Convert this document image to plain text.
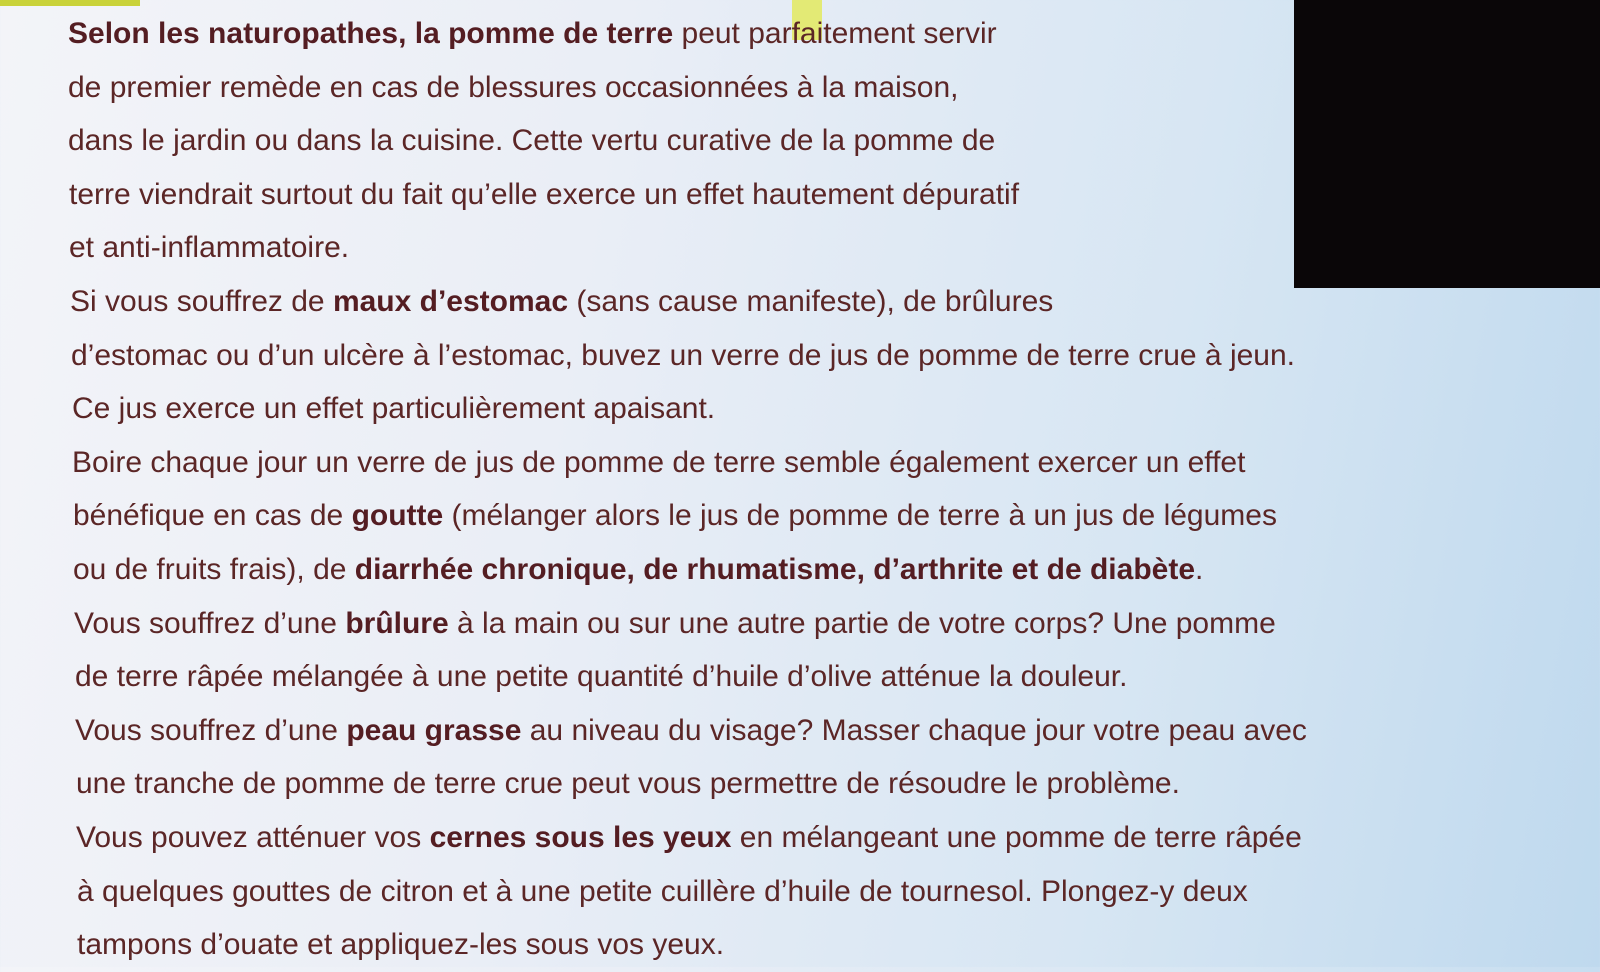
Selon les naturopathes, la pomme de terre peut parfaitement servir
de premier remède en cas de blessures occasionnées à la maison,
dans le jardin ou dans la cuisine. Cette vertu curative de la pomme de
terre viendrait surtout du fait qu’elle exerce un effet hautement dépuratif
et anti-inflammatoire.
Si vous souffrez de maux d’estomac (sans cause manifeste), de brûlures
d’estomac ou d’un ulcère à l’estomac, buvez un verre de jus de pomme de terre crue à jeun.
Ce jus exerce un effet particulièrement apaisant.
Boire chaque jour un verre de jus de pomme de terre semble également exercer un effet
bénéfique en cas de goutte (mélanger alors le jus de pomme de terre à un jus de légumes
ou de fruits frais), de diarrhée chronique, de rhumatisme, d’arthrite et de diabète.
Vous souffrez d’une brûlure à la main ou sur une autre partie de votre corps? Une pomme
de terre râpée mélangée à une petite quantité d’huile d’olive atténue la douleur.
Vous souffrez d’une peau grasse au niveau du visage? Masser chaque jour votre peau avec
une tranche de pomme de terre crue peut vous permettre de résoudre le problème.
Vous pouvez atténuer vos cernes sous les yeux en mélangeant une pomme de terre râpée
à quelques gouttes de citron et à une petite cuillère d’huile de tournesol. Plongez-y deux
tampons d’ouate et appliquez-les sous vos yeux.
